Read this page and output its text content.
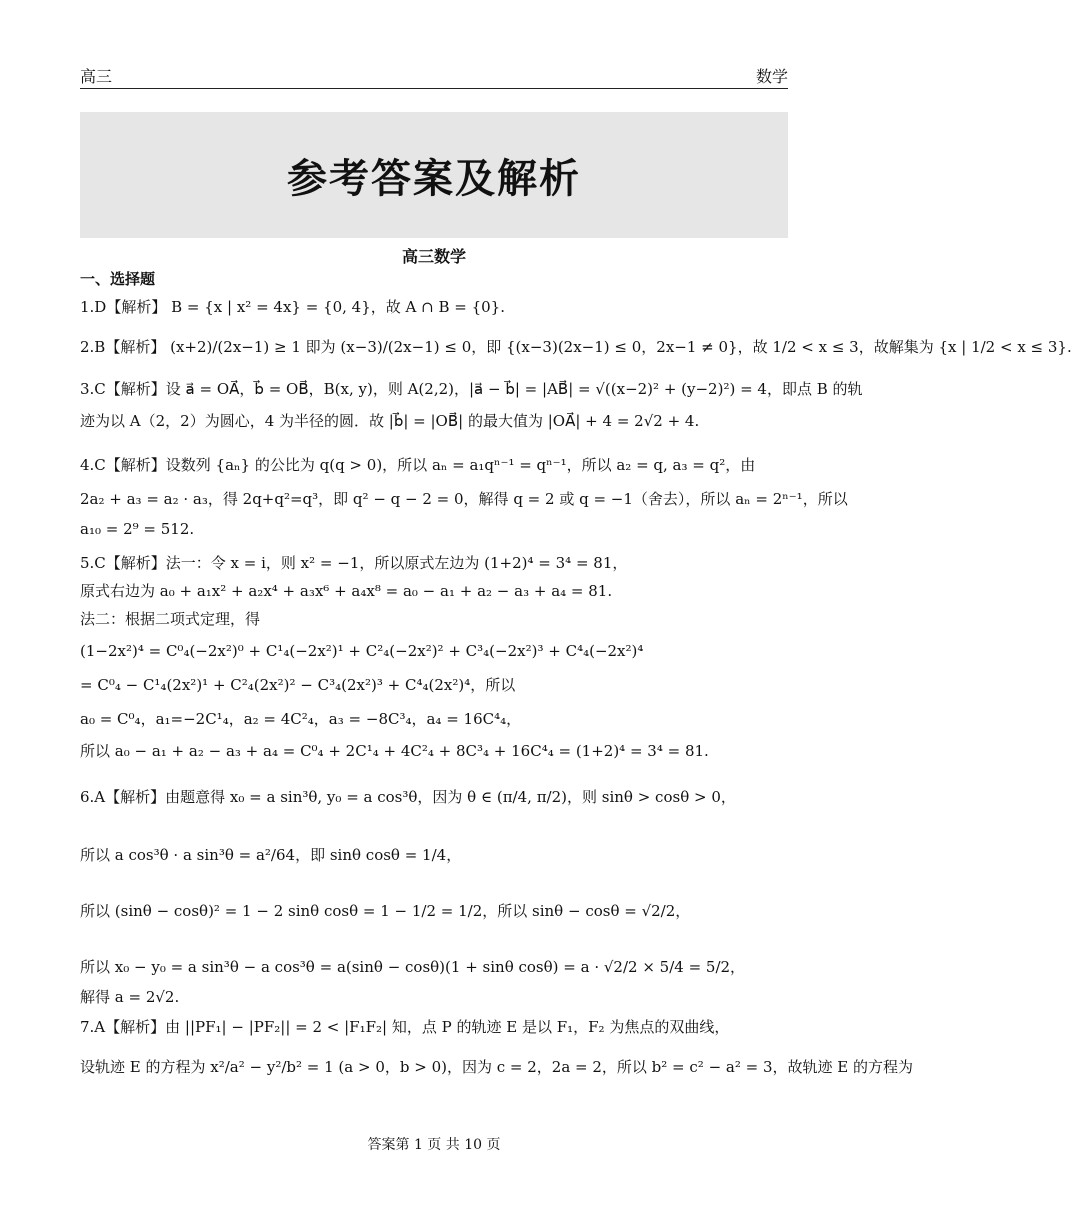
高三	数学
参考答案及解析
高三数学

一、选择题

1.D【解析】 B = {x | x² = 4x} = {0, 4}，故 A ∩ B = {0}.

2.B【解析】 (x+2)/(2x−1) ≥ 1 即为 (x−3)/(2x−1) ≤ 0，即 {(x−3)(2x−1) ≤ 0，2x−1 ≠ 0}，故 1/2 < x ≤ 3，故解集为 {x | 1/2 < x ≤ 3}.

3.C【解析】设 a⃗ = OA⃗，b⃗ = OB⃗，B(x, y)，则 A(2,2)，|a⃗ − b⃗| = |AB⃗| = √((x−2)² + (y−2)²) = 4，即点 B 的轨

迹为以 A（2，2）为圆心，4 为半径的圆．故 |b⃗| = |OB⃗| 的最大值为 |OA⃗| + 4 = 2√2 + 4.

4.C【解析】设数列 {aₙ} 的公比为 q(q > 0)，所以 aₙ = a₁qⁿ⁻¹ = qⁿ⁻¹，所以 a₂ = q, a₃ = q²，由

2a₂ + a₃ = a₂ · a₃，得 2q+q²=q³，即 q² − q − 2 = 0，解得 q = 2 或 q = −1（舍去），所以 aₙ = 2ⁿ⁻¹，所以

a₁₀ = 2⁹ = 512.

5.C【解析】法一：令 x = i，则 x² = −1，所以原式左边为 (1+2)⁴ = 3⁴ = 81，

原式右边为 a₀ + a₁x² + a₂x⁴ + a₃x⁶ + a₄x⁸ = a₀ − a₁ + a₂ − a₃ + a₄ = 81.

法二：根据二项式定理，得

(1−2x²)⁴ = C⁰₄(−2x²)⁰ + C¹₄(−2x²)¹ + C²₄(−2x²)² + C³₄(−2x²)³ + C⁴₄(−2x²)⁴

= C⁰₄ − C¹₄(2x²)¹ + C²₄(2x²)² − C³₄(2x²)³ + C⁴₄(2x²)⁴，所以

a₀ = C⁰₄，a₁=−2C¹₄，a₂ = 4C²₄，a₃ = −8C³₄，a₄ = 16C⁴₄，

所以 a₀ − a₁ + a₂ − a₃ + a₄ = C⁰₄ + 2C¹₄ + 4C²₄ + 8C³₄ + 16C⁴₄ = (1+2)⁴ = 3⁴ = 81.

6.A【解析】由题意得 x₀ = a sin³θ, y₀ = a cos³θ，因为 θ ∈ (π/4, π/2)，则 sinθ > cosθ > 0，

所以 a cos³θ · a sin³θ = a²/64，即 sinθ cosθ = 1/4，

所以 (sinθ − cosθ)² = 1 − 2 sinθ cosθ = 1 − 1/2 = 1/2，所以 sinθ − cosθ = √2/2，

所以 x₀ − y₀ = a sin³θ − a cos³θ = a(sinθ − cosθ)(1 + sinθ cosθ) = a · √2/2 × 5/4 = 5/2，

解得 a = 2√2.

7.A【解析】由 ||PF₁| − |PF₂|| = 2 < |F₁F₂| 知，点 P 的轨迹 E 是以 F₁，F₂ 为焦点的双曲线，

设轨迹 E 的方程为 x²/a² − y²/b² = 1 (a > 0，b > 0)，因为 c = 2，2a = 2，所以 b² = c² − a² = 3，故轨迹 E 的方程为

答案第 1 页 共 10 页
